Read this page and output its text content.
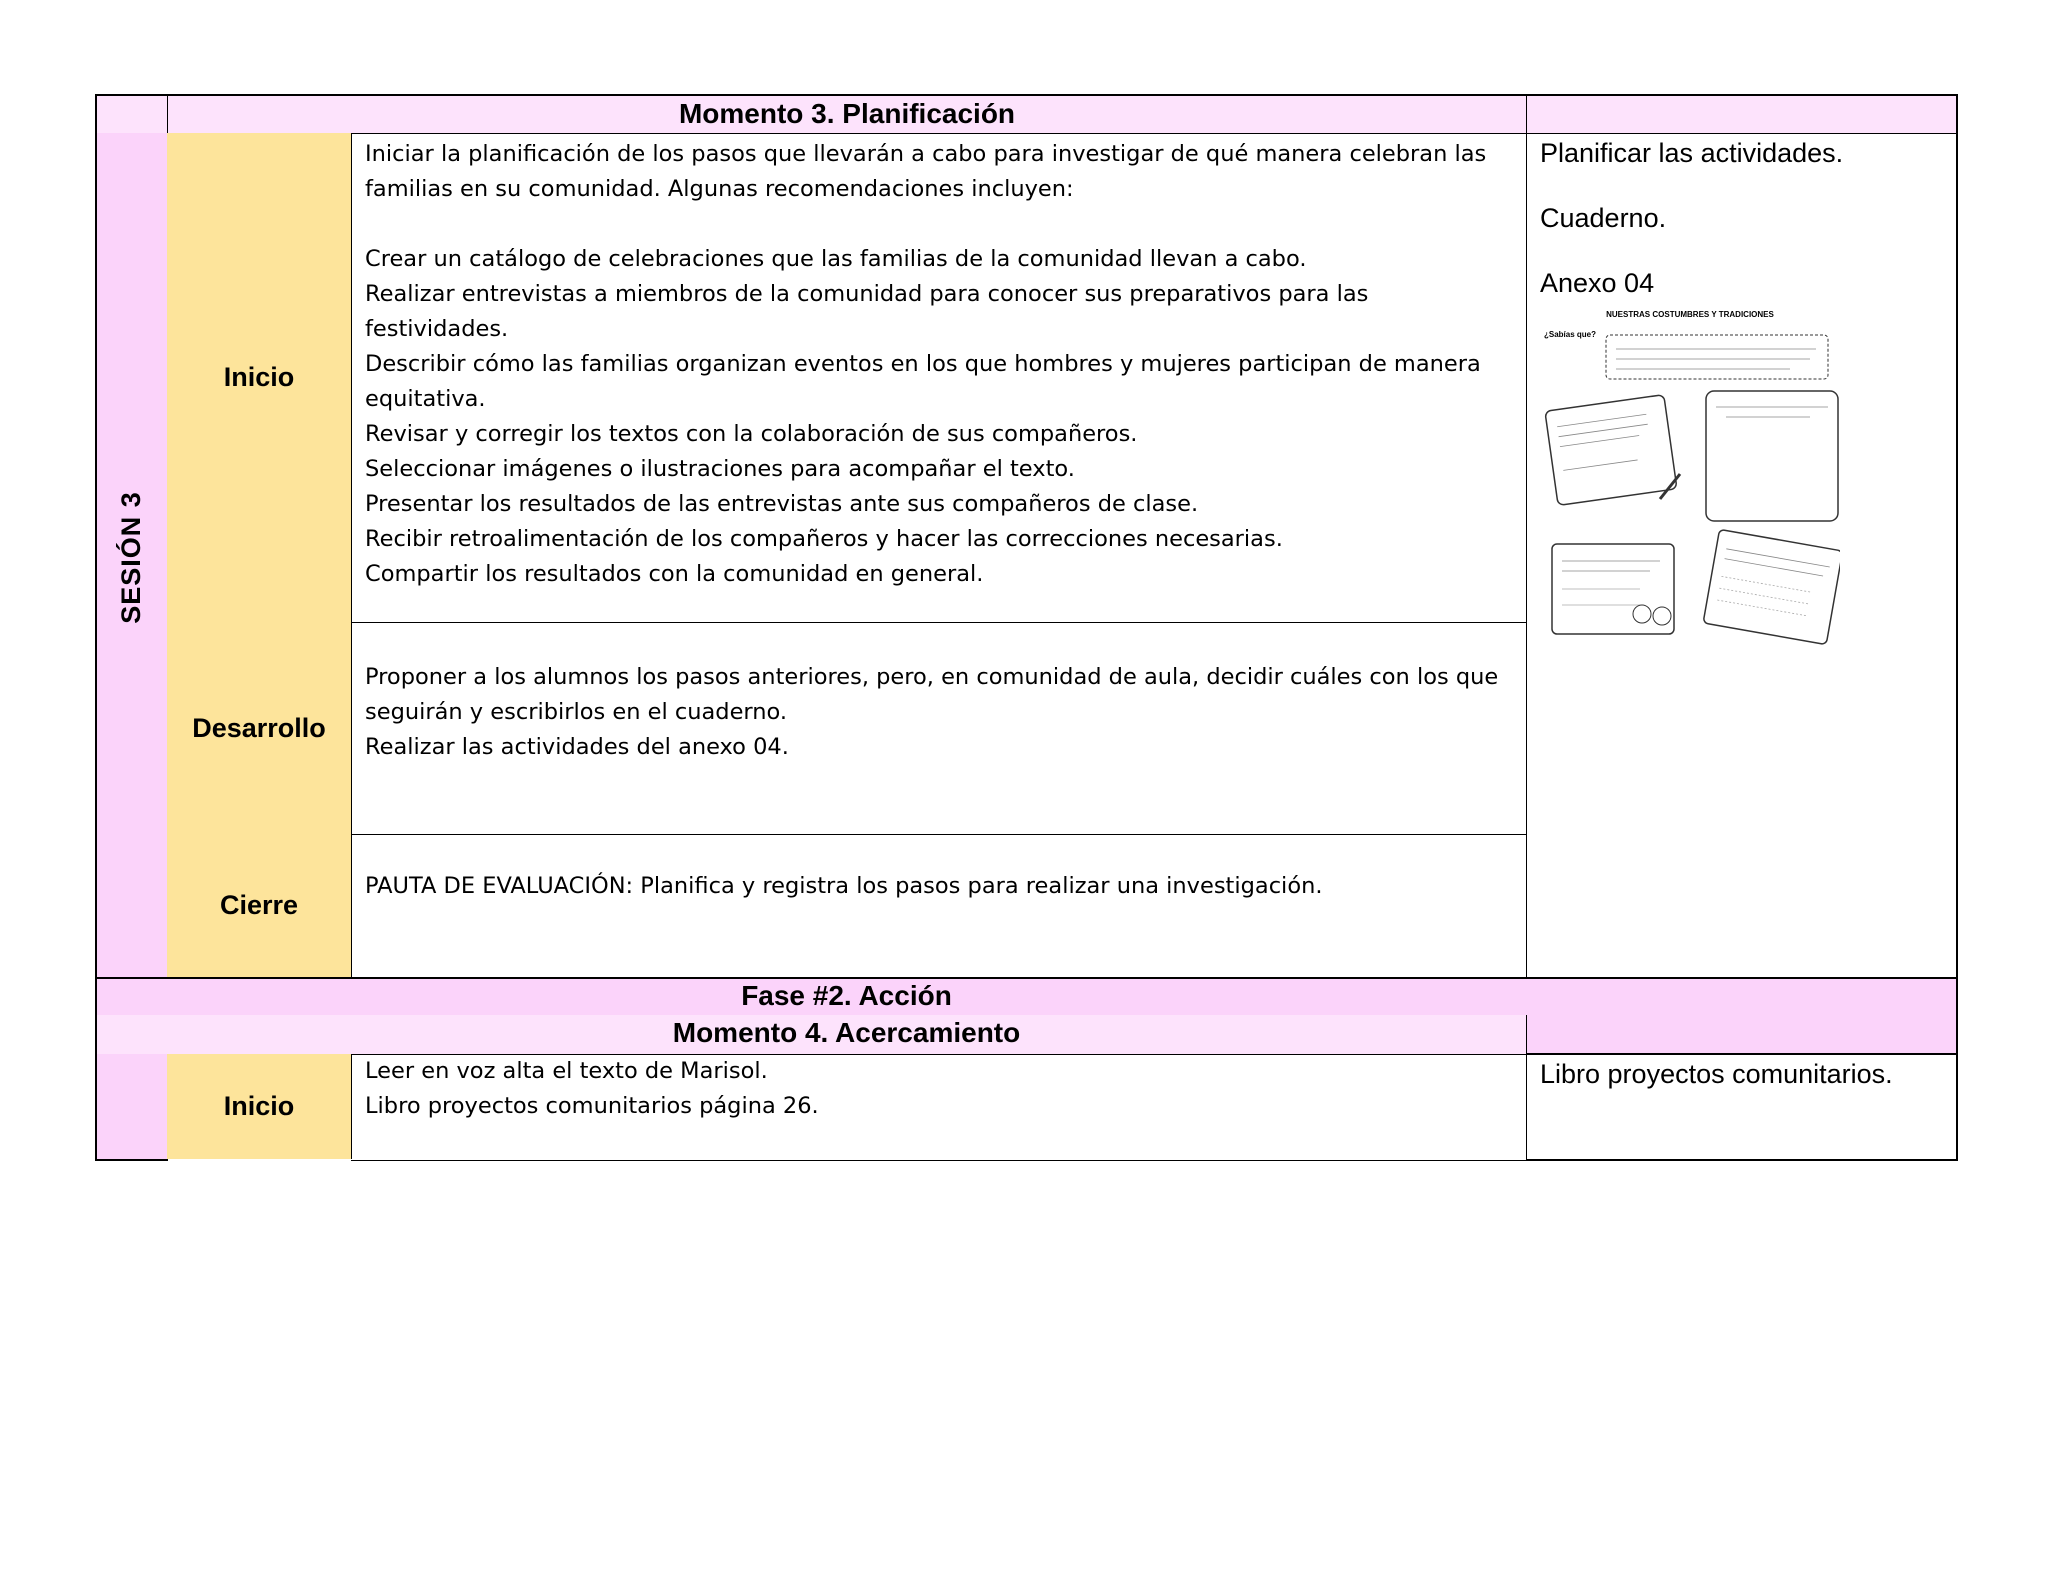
Momento 3. Planificación
SESIÓN 3
Inicio

Iniciar la planificación de los pasos que llevarán a cabo para investigar de qué manera celebran las familias en su comunidad. Algunas recomendaciones incluyen:

Crear un catálogo de celebraciones que las familias de la comunidad llevan a cabo.

Realizar entrevistas a miembros de la comunidad para conocer sus preparativos para las festividades.

Describir cómo las familias organizan eventos en los que hombres y mujeres participan de manera equitativa.

Revisar y corregir los textos con la colaboración de sus compañeros.

Seleccionar imágenes o ilustraciones para acompañar el texto.

Presentar los resultados de las entrevistas ante sus compañeros de clase.

Recibir retroalimentación de los compañeros y hacer las correcciones necesarias.

Compartir los resultados con la comunidad en general.

Desarrollo

Proponer a los alumnos los pasos anteriores, pero, en comunidad de aula, decidir cuáles con los que seguirán y escribirlos en el cuaderno.

Realizar las actividades del anexo 04.

Cierre

PAUTA DE EVALUACIÓN: Planifica y registra los pasos para realizar una investigación.

Planificar las actividades.

Cuaderno.

Anexo 04

NUESTRAS COSTUMBRES Y TRADICIONES
¿Sabías que?
Fase #2. Acción
Momento 4. Acercamiento
Inicio

Leer en voz alta el texto de Marisol.

Libro proyectos comunitarios página 26.

Libro proyectos comunitarios.
